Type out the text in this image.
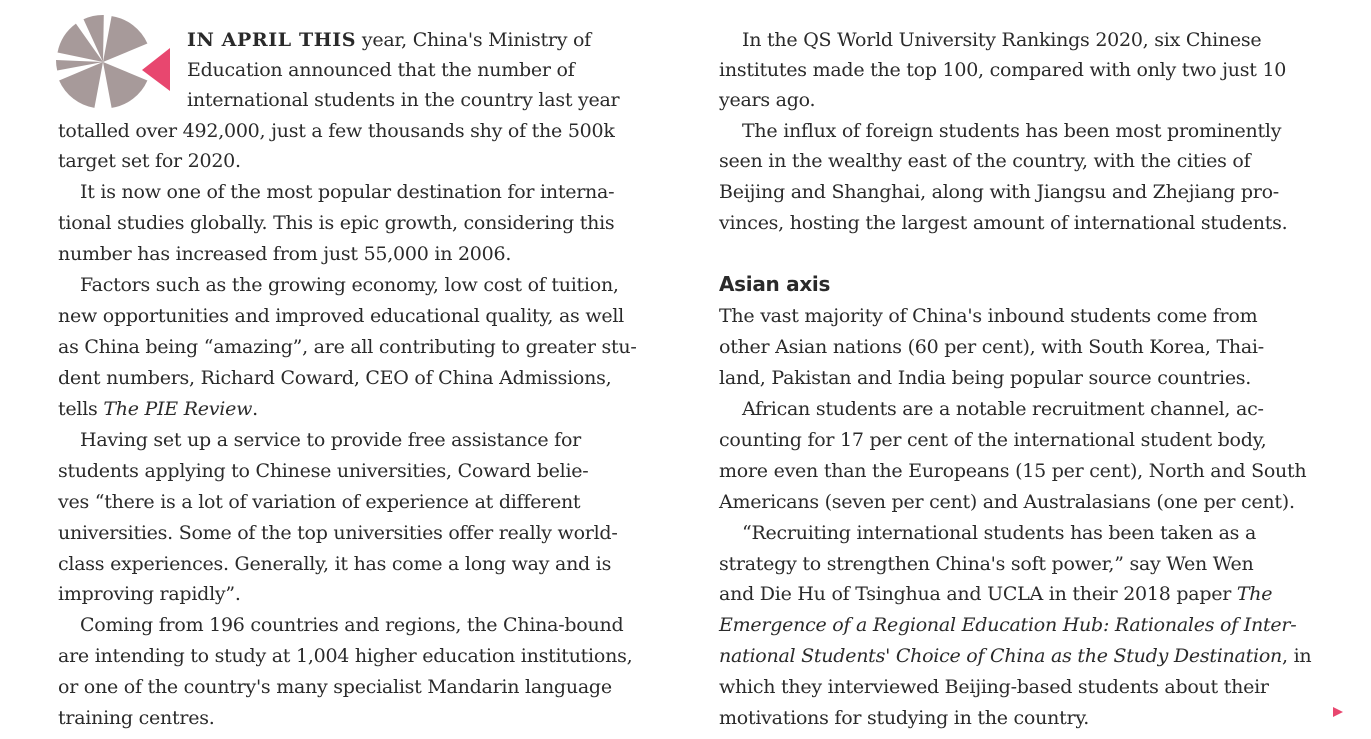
IN APRIL THIS year, China's Ministry of
Education announced that the number of
international students in the country last year
totalled over 492,000, just a few thousands shy of the 500k
target set for 2020.
It is now one of the most popular destination for interna-
tional studies globally. This is epic growth, considering this
number has increased from just 55,000 in 2006.
Factors such as the growing economy, low cost of tuition,
new opportunities and improved educational quality, as well
as China being “amazing”, are all contributing to greater stu-
dent numbers, Richard Coward, CEO of China Admissions,
tells The PIE Review.
Having set up a service to provide free assistance for
students applying to Chinese universities, Coward belie-
ves “there is a lot of variation of experience at different
universities. Some of the top universities offer really world-
class experiences. Generally, it has come a long way and is
improving rapidly”.
Coming from 196 countries and regions, the China-bound
are intending to study at 1,004 higher education institutions,
or one of the country's many specialist Mandarin language
training centres.
In the QS World University Rankings 2020, six Chinese
institutes made the top 100, compared with only two just 10
years ago.
The influx of foreign students has been most prominently
seen in the wealthy east of the country, with the cities of
Beijing and Shanghai, along with Jiangsu and Zhejiang pro-
vinces, hosting the largest amount of international students.
Asian axis
The vast majority of China's inbound students come from
other Asian nations (60 per cent), with South Korea, Thai-
land, Pakistan and India being popular source countries.
African students are a notable recruitment channel, ac-
counting for 17 per cent of the international student body,
more even than the Europeans (15 per cent), North and South
Americans (seven per cent) and Australasians (one per cent).
“Recruiting international students has been taken as a
strategy to strengthen China's soft power,” say Wen Wen
and Die Hu of Tsinghua and UCLA in their 2018 paper The
Emergence of a Regional Education Hub: Rationales of Inter-
national Students' Choice of China as the Study Destination, in
which they interviewed Beijing-based students about their
motivations for studying in the country.
